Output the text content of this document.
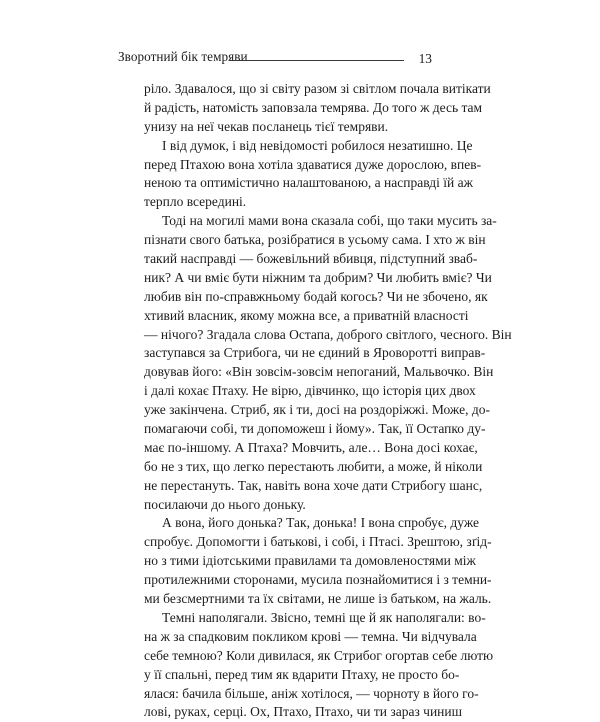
Зворотний бік темряви	13
ріло. Здавалося, що зі світу разом зі світлом почала витікати
й радість, натомість заповзала темрява. До того ж десь там
унизу на неї чекав посланець тієї темряви.
І від думок, і від невідомості робилося незатишно. Це
перед Птахою вона хотіла здаватися дуже дорослою, впев-
неною та оптимістично налаштованою, а насправді їй аж
терпло всередині.
Тоді на могилі мами вона сказала собі, що таки мусить за-
пізнати свого батька, розібратися в усьому сама. І хто ж він
такий насправді — божевільний вбивця, підступний зваб-
ник? А чи вміє бути ніжним та добрим? Чи любить вміє? Чи
любив він по-справжньому бодай когось? Чи не збочено, як
хтивий власник, якому можна все, а приватній власності
— нічого? Згадала слова Остапа, доброго світлого, чесного. Він
заступався за Стрибога, чи не єдиний в Яроворотті виправ-
довував його: «Він зовсім-зовсім непоганий, Мальвочко. Він
і далі кохає Птаху. Не вірю, дівчинко, що історія цих двох
уже закінчена. Стриб, як і ти, досі на роздоріжжі. Може, до-
помагаючи собі, ти допоможеш і йому». Так, її Остапко ду-
має по-іншому. А Птаха? Мовчить, але… Вона досі кохає,
бо не з тих, що легко перестають любити, а може, й ніколи
не перестануть. Так, навіть вона хоче дати Стрибогу шанс,
посилаючи до нього доньку.
А вона, його донька? Так, донька! І вона спробує, дуже
спробує. Допомогти і батькові, і собі, і Птасі. Зрештою, зґід-
но з тими ідіотськими правилами та домовленостями між
протилежними сторонами, мусила познайомитися і з темни-
ми безсмертними та їх світами, не лише із батьком, на жаль.
Темні наполягали. Звісно, темні ще й як наполягали: во-
на ж за спадковим покликом крові — темна. Чи відчувала
себе темною? Коли дивилася, як Стрибог огортав себе лютю
у її спальні, перед тим як вдарити Птаху, не просто бо-
ялася: бачила більше, аніж хотілося, — чорноту в його го-
лові, руках, серці. Ох, Птахо, Птахо, чи ти зараз чиниш
